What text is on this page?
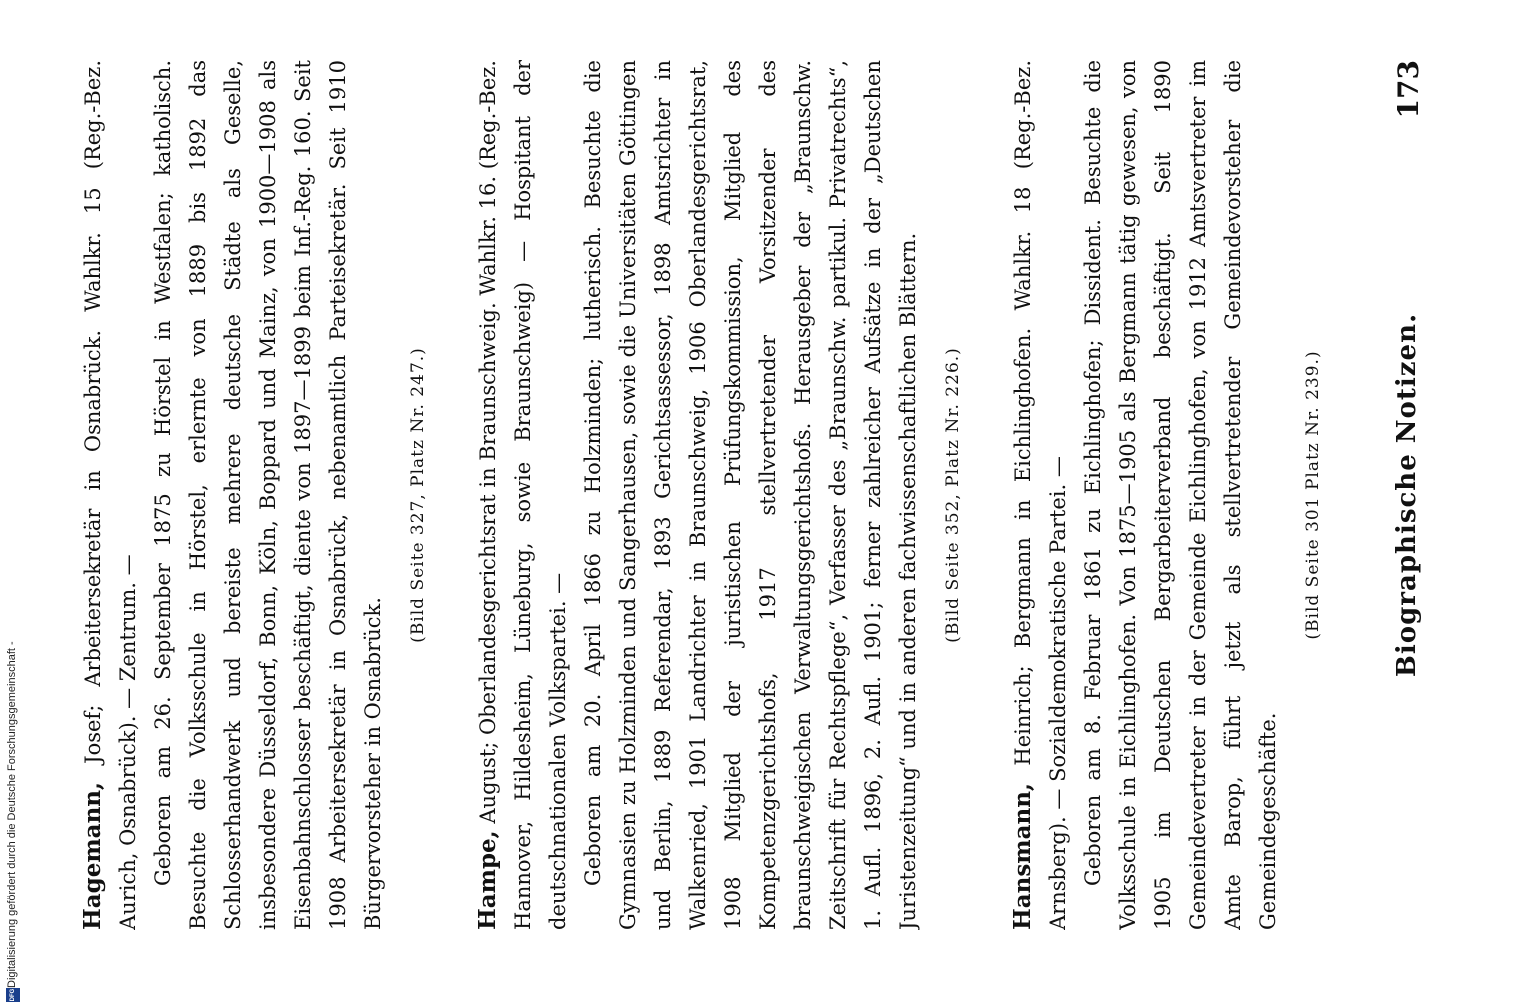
Biographische Notizen.
173

Hagemann, Josef; Arbeitersekretär in Osnabrück. Wahlkr. 15 (Reg.-Bez. Aurich, Osnabrück). — Zentrum. — Geboren am 26. September 1875 zu Hörstel in Westfalen; katholisch. Besuchte die Volksschule in Hörstel, erlernte von 1889 bis 1892 das Schlosserhandwerk und bereiste mehrere deutsche Städte als Geselle, insbesondere Düsseldorf, Bonn, Köln, Boppard und Mainz, von 1900—1908 als Eisenbahnschlosser beschäftigt, diente von 1897—1899 beim Inf.-Reg. 160. Seit 1908 Arbeitersekretär in Osnabrück, nebenamtlich Parteisekretär. Seit 1910 Bürgervorsteher in Osnabrück.

(Bild Seite 327, Platz Nr. 247.)

Hampe, August; Oberlandesgerichtsrat in Braunschweig. Wahlkr. 16. (Reg.-Bez. Hannover, Hildesheim, Lüneburg, sowie Braunschweig) — Hospitant der deutschnationalen Volkspartei. — Geboren am 20. April 1866 zu Holzminden; lutherisch. Besuchte die Gymnasien zu Holzminden und Sangerhausen, sowie die Universitäten Göttingen und Berlin, 1889 Referendar, 1893 Gerichtsassessor, 1898 Amtsrichter in Walkenried, 1901 Landrichter in Braunschweig, 1906 Oberlandesgerichtsrat, 1908 Mitglied der juristischen Prüfungskommission, Mitglied des Kompetenzgerichtshofs, 1917 stellvertretender Vorsitzender des braunschweigischen Verwaltungsgerichtshofs. Herausgeber der „Braunschw. Zeitschrift für Rechtspflege“, Verfasser des „Braunschw. partikul. Privatrechts“, 1. Aufl. 1896, 2. Aufl. 1901; ferner zahlreicher Aufsätze in der „Deutschen Juristenzeitung“ und in anderen fachwissenschaftlichen Blättern.	(Bild Seite 352, Platz Nr. 226.)

Hansmann, Heinrich; Bergmann in Eichlinghofen. Wahlkr. 18 (Reg.-Bez. Arnsberg). — Sozialdemokratische Partei. — Geboren am 8. Februar 1861 zu Eichlinghofen; Dissident. Besuchte die Volksschule in Eichlinghofen. Von 1875—1905 als Bergmann tätig gewesen, von 1905 im Deutschen Bergarbeiterverband beschäftigt. Seit 1890 Gemeindevertreter in der Gemeinde Eichlinghofen, von 1912 Amtsvertreter im Amte Barop, führt jetzt als stellvertretender Gemeindevorsteher die Gemeindegeschäfte.

(Bild Seite 301 Platz Nr. 239.)
DFG
Digitalisierung gefördert durch die Deutsche Forschungsgemeinschaft -
